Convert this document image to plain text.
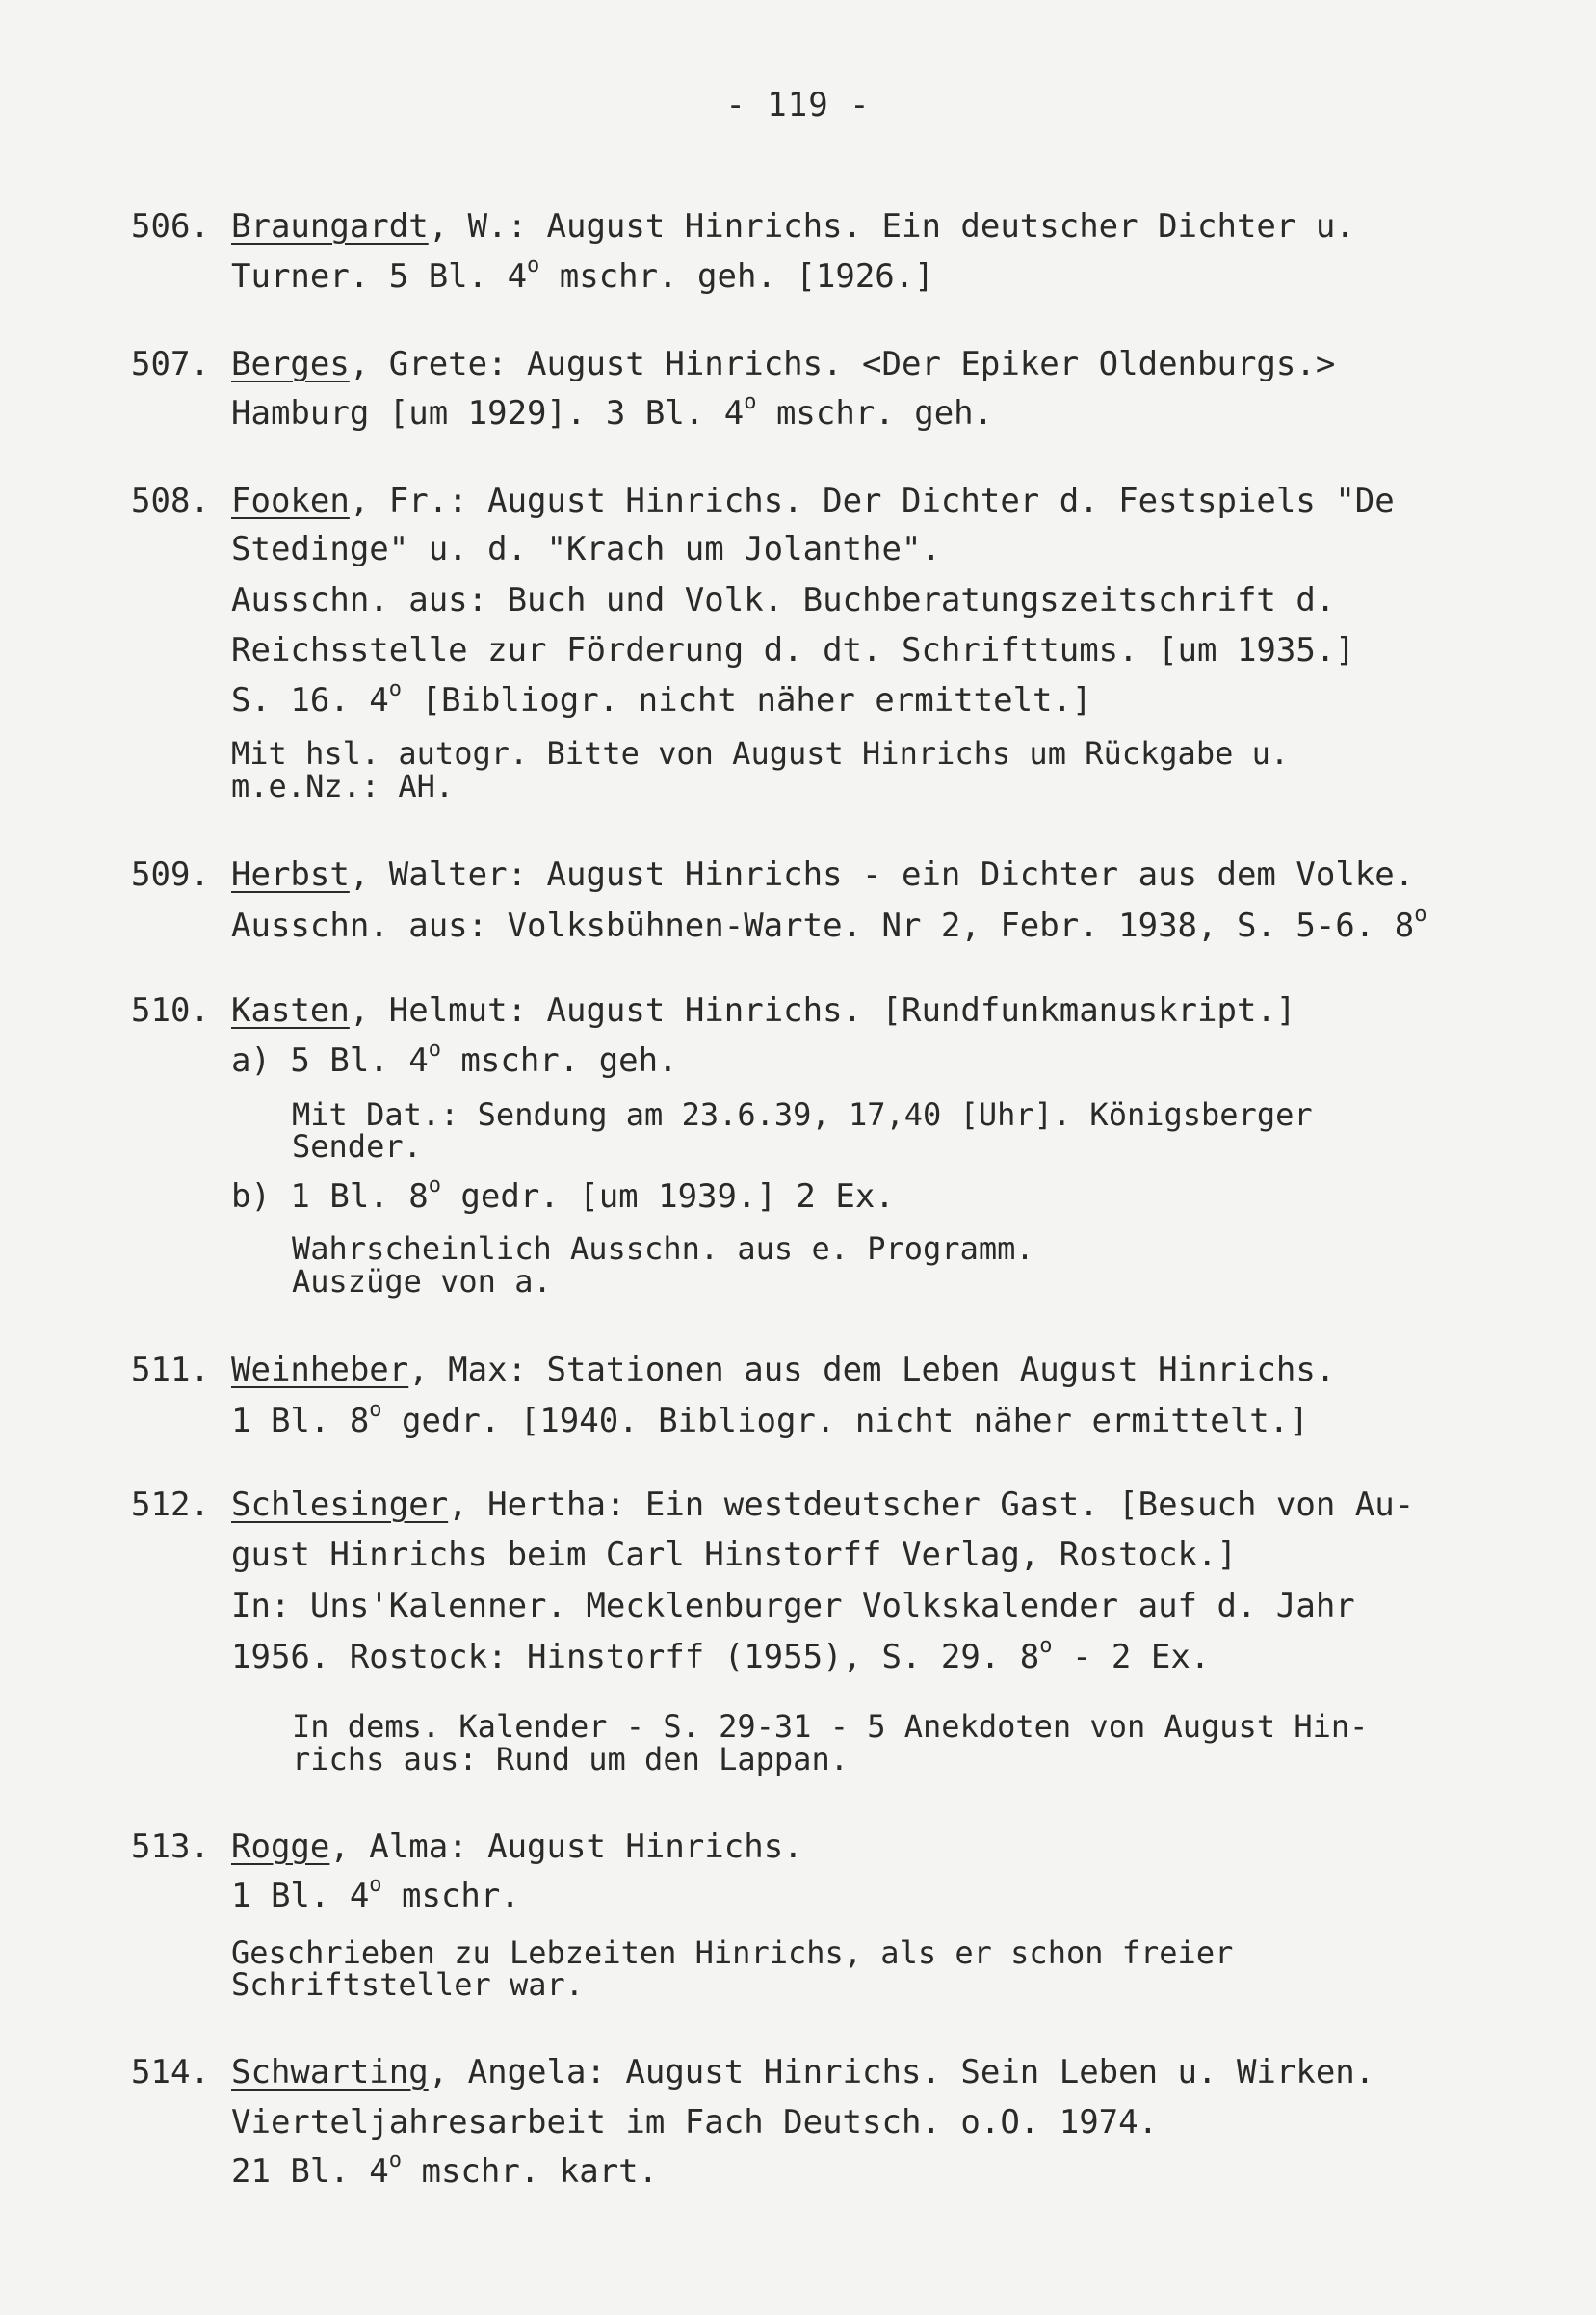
- 119 -
506. Braungardt, W.: August Hinrichs. Ein deutscher Dichter u.
Turner. 5 Bl. 4$^o$ mschr. geh. [1926.]
507. Berges, Grete: August Hinrichs. <Der Epiker Oldenburgs.>
Hamburg [um 1929]. 3 Bl. 4$^o$ mschr. geh.
508. Fooken, Fr.: August Hinrichs. Der Dichter d. Festspiels "De
Stedinge" u. d. "Krach um Jolanthe".
Ausschn. aus: Buch und Volk. Buchberatungszeitschrift d.
Reichsstelle zur Förderung d. dt. Schrifttums. [um 1935.]
S. 16. 4$^o$ [Bibliogr. nicht näher ermittelt.]
Mit hsl. autogr. Bitte von August Hinrichs um Rückgabe u.
m.e.Nz.: AH.
509. Herbst, Walter: August Hinrichs - ein Dichter aus dem Volke.
Ausschn. aus: Volksbühnen-Warte. Nr 2, Febr. 1938, S. 5-6. 8$^o$
510. Kasten, Helmut: August Hinrichs. [Rundfunkmanuskript.]
a) 5 Bl. 4$^o$ mschr. geh.
Mit Dat.: Sendung am 23.6.39, 17,40 [Uhr]. Königsberger
Sender.
b) 1 Bl. 8$^o$ gedr. [um 1939.] 2 Ex.
Wahrscheinlich Ausschn. aus e. Programm.
Auszüge von a.
511. Weinheber, Max: Stationen aus dem Leben August Hinrichs.
1 Bl. 8$^o$ gedr. [1940. Bibliogr. nicht näher ermittelt.]
512. Schlesinger, Hertha: Ein westdeutscher Gast. [Besuch von Au-
gust Hinrichs beim Carl Hinstorff Verlag, Rostock.]
In: Uns'Kalenner. Mecklenburger Volkskalender auf d. Jahr
1956. Rostock: Hinstorff (1955), S. 29. 8$^o$ - 2 Ex.
In dems. Kalender - S. 29-31 - 5 Anekdoten von August Hin-
richs aus: Rund um den Lappan.
513. Rogge, Alma: August Hinrichs.
1 Bl. 4$^o$ mschr.
Geschrieben zu Lebzeiten Hinrichs, als er schon freier
Schriftsteller war.
514. Schwarting, Angela: August Hinrichs. Sein Leben u. Wirken.
Vierteljahresarbeit im Fach Deutsch. o.O. 1974.
21 Bl. 4$^o$ mschr. kart.
